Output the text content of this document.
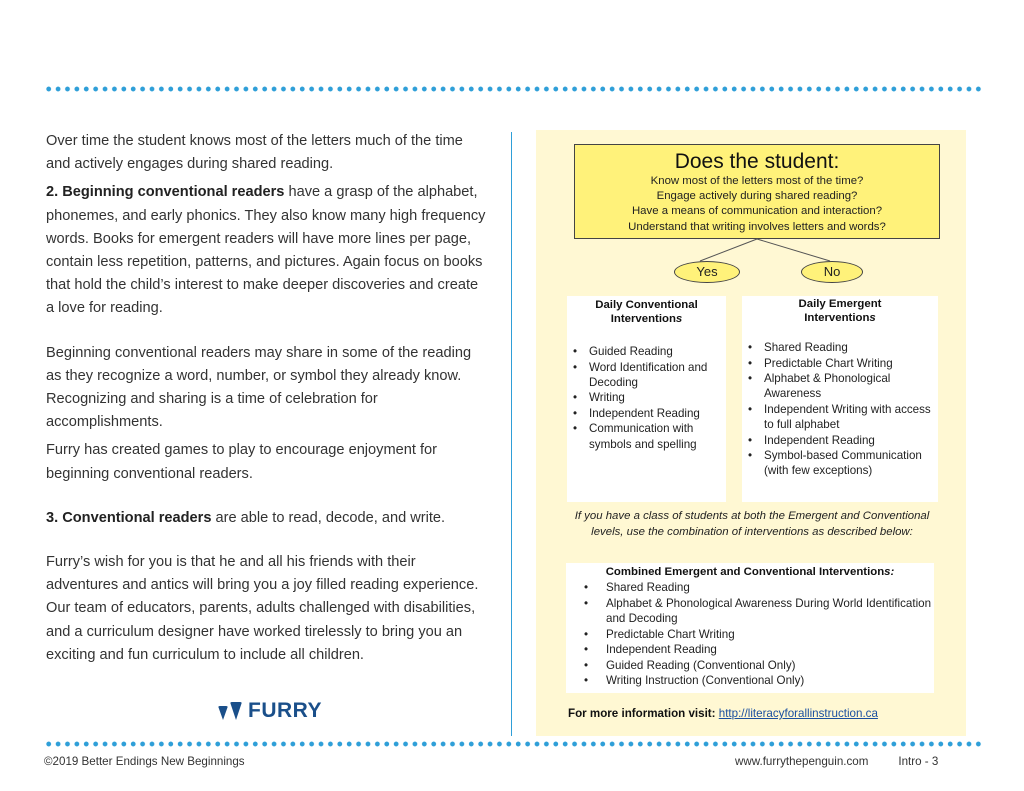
Over time the student knows most of the letters much of the time and actively engages during shared reading.

2. Beginning conventional readers have a grasp of the alphabet, phonemes, and early phonics. They also know many high frequency words. Books for emergent readers will have more lines per page, contain less repetition, patterns, and pictures. Again focus on books that hold the child’s interest to make deeper discoveries and create a love for reading.

Beginning conventional readers may share in some of the reading as they recognize a word, number, or symbol they already know. Recognizing and sharing is a time of celebration for accomplishments.

Furry has created games to play to encourage enjoyment for beginning conventional readers.

3. Conventional readers are able to read, decode, and write.

Furry’s wish for you is that he and all his friends with their adventures and antics will bring you a joy filled reading experience. Our team of educators, parents, adults challenged with disabilities, and a curriculum designer have worked tirelessly to bring you an exciting and fun curriculum to include all children.

FURRY
Does the student:
Know most of the letters most of the time?
Engage actively during shared reading?
Have a means of communication and interaction?
Understand that writing involves letters and words?
Yes	No
Daily Conventional
Interventions
• Guided Reading
• Word Identification and Decoding
• Writing
• Independent Reading
• Communication with symbols and spelling
Daily Emergent
Interventions
• Shared Reading
• Predictable Chart Writing
• Alphabet & Phonological Awareness
• Independent Writing with access to full alphabet
• Independent Reading
• Symbol-based Communication (with few exceptions)
If you have a class of students at both the Emergent and Conventional levels, use the combination of interventions as described below:
Combined Emergent and Conventional Interventions:
• Shared Reading
• Alphabet & Phonological Awareness During World Identification and Decoding
• Predictable Chart Writing
• Independent Reading
• Guided Reading (Conventional Only)
• Writing Instruction (Conventional Only)
For more information visit: http://literacyforallinstruction.ca
©2019 Better Endings New Beginnings	www.furrythepenguin.com	Intro - 3
